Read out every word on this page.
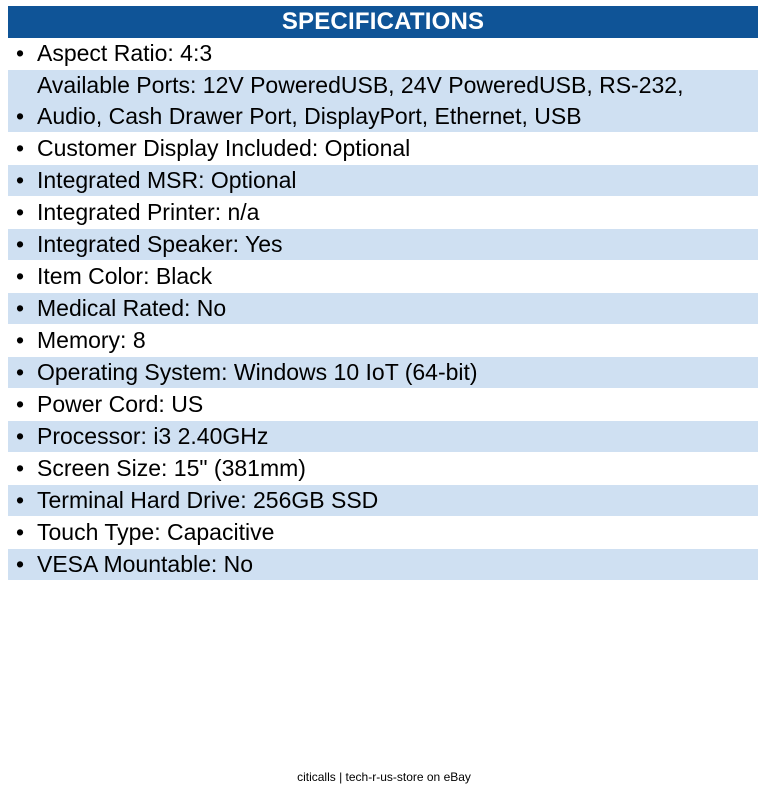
SPECIFICATIONS
• Aspect Ratio: 4:3
•
Available Ports: 12V PoweredUSB, 24V PoweredUSB, RS-232, Audio, Cash Drawer Port, DisplayPort, Ethernet, USB
• Customer Display Included: Optional
• Integrated MSR: Optional
• Integrated Printer: n/a
• Integrated Speaker: Yes
• Item Color: Black
• Medical Rated: No
• Memory: 8
• Operating System: Windows 10 IoT (64-bit)
• Power Cord: US
• Processor: i3 2.40GHz
• Screen Size: 15" (381mm)
• Terminal Hard Drive: 256GB SSD
• Touch Type: Capacitive
• VESA Mountable: No
citicalls | tech-r-us-store on eBay
